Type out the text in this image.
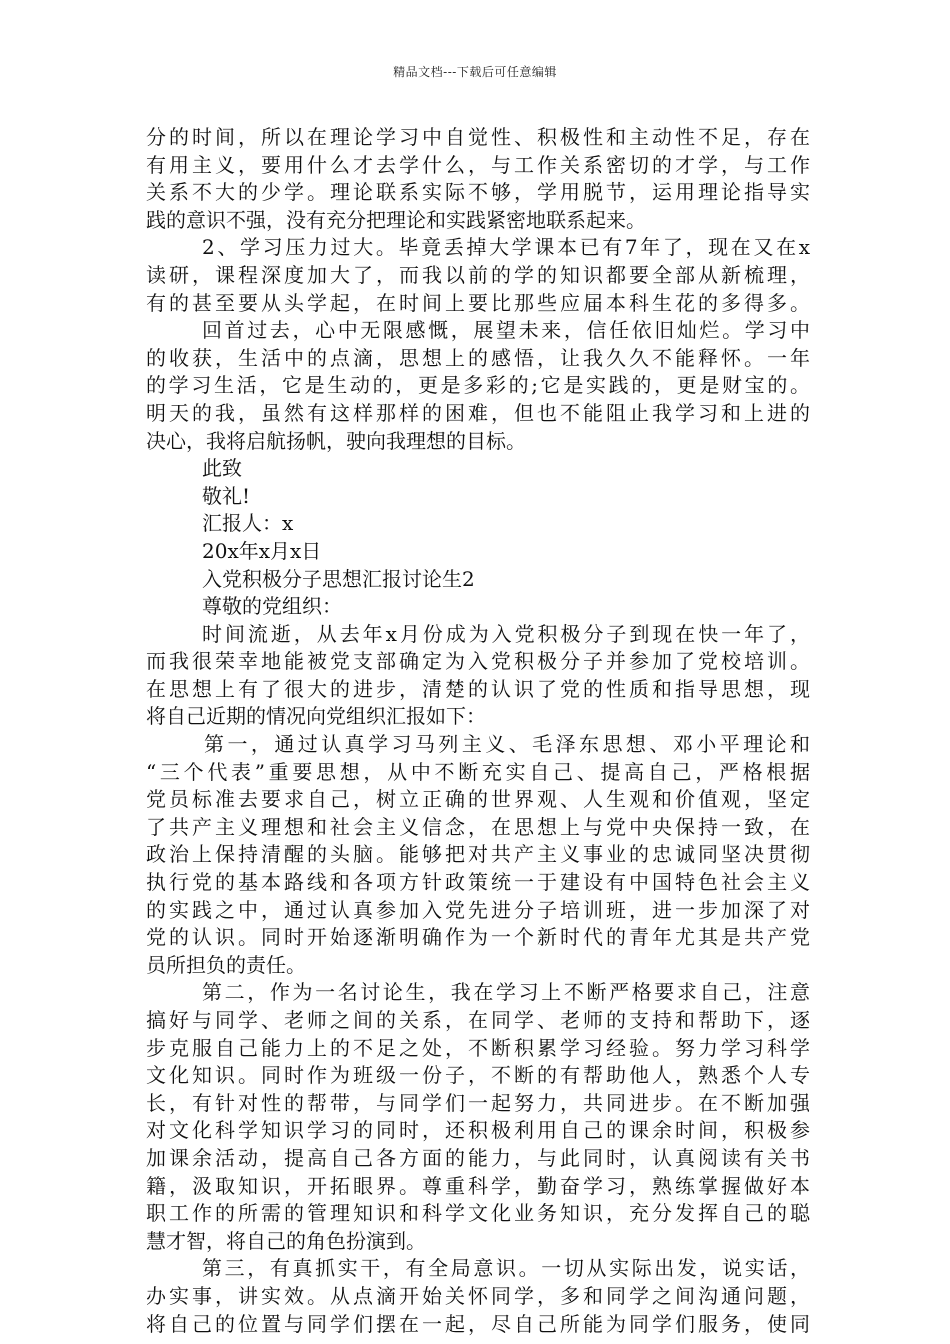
精品文档---下载后可任意编辑
分的时间，所以在理论学习中自觉性、积极性和主动性不足，存在
有用主义，要用什么才去学什么，与工作关系密切的才学，与工作
关系不大的少学。理论联系实际不够，学用脱节，运用理论指导实
践的意识不强，没有充分把理论和实践紧密地联系起来。
2、学习压力过大。毕竟丢掉大学课本已有7年了，现在又在x
读研，课程深度加大了，而我以前的学的知识都要全部从新梳理，
有的甚至要从头学起，在时间上要比那些应届本科生花的多得多。
回首过去，心中无限感慨，展望未来，信任依旧灿烂。学习中
的收获，生活中的点滴，思想上的感悟，让我久久不能释怀。一年
的学习生活，它是生动的，更是多彩的;它是实践的，更是财宝的。
明天的我，虽然有这样那样的困难，但也不能阻止我学习和上进的
决心，我将启航扬帆，驶向我理想的目标。
此致
敬礼!
汇报人：x
20x年x月x日
入党积极分子思想汇报讨论生2
尊敬的党组织：
时间流逝，从去年x月份成为入党积极分子到现在快一年了，
而我很荣幸地能被党支部确定为入党积极分子并参加了党校培训。
在思想上有了很大的进步，清楚的认识了党的性质和指导思想，现
将自己近期的情况向党组织汇报如下：
第一，通过认真学习马列主义、毛泽东思想、邓小平理论和
“三个代表”重要思想，从中不断充实自己、提高自己，严格根据
党员标准去要求自己，树立正确的世界观、人生观和价值观，坚定
了共产主义理想和社会主义信念，在思想上与党中央保持一致，在
政治上保持清醒的头脑。能够把对共产主义事业的忠诚同坚决贯彻
执行党的基本路线和各项方针政策统一于建设有中国特色社会主义
的实践之中，通过认真参加入党先进分子培训班，进一步加深了对
党的认识。同时开始逐渐明确作为一个新时代的青年尤其是共产党
员所担负的责任。
第二，作为一名讨论生，我在学习上不断严格要求自己，注意
搞好与同学、老师之间的关系，在同学、老师的支持和帮助下，逐
步克服自己能力上的不足之处，不断积累学习经验。努力学习科学
文化知识。同时作为班级一份子，不断的有帮助他人，熟悉个人专
长，有针对性的帮带，与同学们一起努力，共同进步。在不断加强
对文化科学知识学习的同时，还积极利用自己的课余时间，积极参
加课余活动，提高自己各方面的能力，与此同时，认真阅读有关书
籍，汲取知识，开拓眼界。尊重科学，勤奋学习，熟练掌握做好本
职工作的所需的管理知识和科学文化业务知识，充分发挥自己的聪
慧才智，将自己的角色扮演到。
第三，有真抓实干，有全局意识。一切从实际出发，说实话，
办实事，讲实效。从点滴开始关怀同学，多和同学之间沟通问题，
将自己的位置与同学们摆在一起，尽自己所能为同学们服务，使同
